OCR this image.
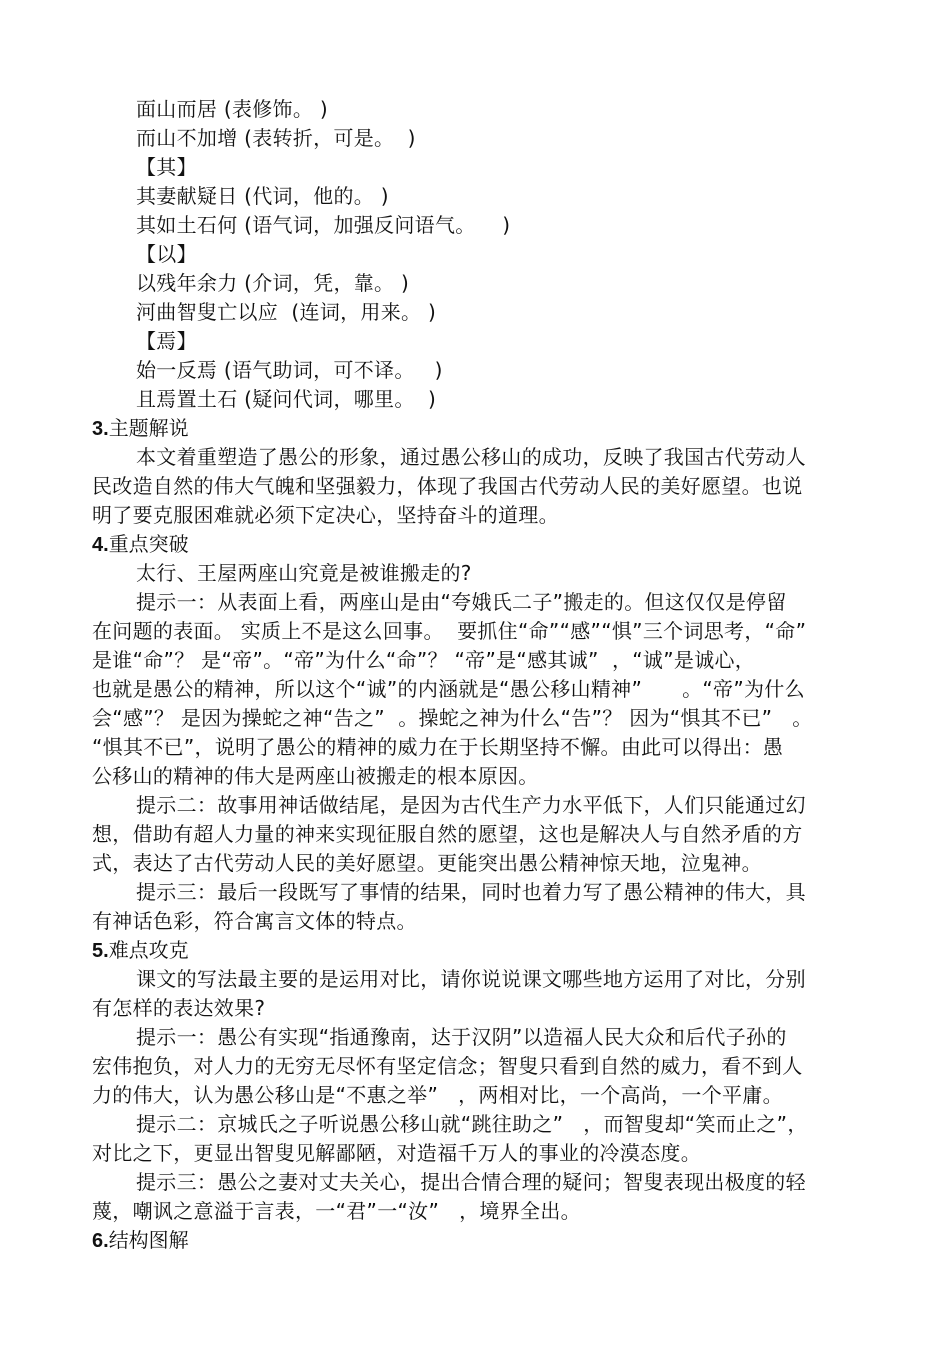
面山而居 (表修饰。 )
而山不加增 (表转折，可是。  )
【其】
其妻献疑日 (代词，他的。 )
其如土石何 (语气词，加强反问语气。    )
【以】
以残年余力 (介词，凭，靠。 )
河曲智叟亡以应  (连词，用来。 )
【焉】
始一反焉 (语气助词，可不译。   )
且焉置土石 (疑问代词，哪里。  )
3.主题解说
本文着重塑造了愚公的形象，通过愚公移山的成功，反映了我国古代劳动人
民改造自然的伟大气魄和坚强毅力，体现了我国古代劳动人民的美好愿望。也说
明了要克服困难就必须下定决心，坚持奋斗的道理。
4.重点突破
太行、王屋两座山究竟是被谁搬走的?
提示一：从表面上看，两座山是由“夸娥氏二子”搬走的。但这仅仅是停留
在问题的表面。 实质上不是这么回事。  要抓住“命”“感”“惧”三个词思考，“命”
是谁“命”？ 是“帝”。“帝”为什么“命”？ “帝”是“感其诚”  ，“诚”是诚心，
也就是愚公的精神，所以这个“诚”的内涵就是“愚公移山精神”      。“帝”为什么
会“感”？ 是因为操蛇之神“告之”  。操蛇之神为什么“告”？ 因为“惧其不已”   。
“惧其不已”，说明了愚公的精神的威力在于长期坚持不懈。由此可以得出：愚
公移山的精神的伟大是两座山被搬走的根本原因。
提示二：故事用神话做结尾，是因为古代生产力水平低下，人们只能通过幻
想，借助有超人力量的神来实现征服自然的愿望，这也是解决人与自然矛盾的方
式，表达了古代劳动人民的美好愿望。更能突出愚公精神惊天地，泣鬼神。
提示三：最后一段既写了事情的结果，同时也着力写了愚公精神的伟大，具
有神话色彩，符合寓言文体的特点。
5.难点攻克
课文的写法最主要的是运用对比，请你说说课文哪些地方运用了对比，分别
有怎样的表达效果?
提示一：愚公有实现“指通豫南，达于汉阴”以造福人民大众和后代子孙的
宏伟抱负，对人力的无穷无尽怀有坚定信念；智叟只看到自然的威力，看不到人
力的伟大，认为愚公移山是“不惠之举”   ，两相对比，一个高尚，一个平庸。
提示二：京城氏之子听说愚公移山就“跳往助之”   ，而智叟却“笑而止之”，
对比之下，更显出智叟见解鄙陋，对造福千万人的事业的冷漠态度。
提示三：愚公之妻对丈夫关心，提出合情合理的疑问；智叟表现出极度的轻
蔑，嘲讽之意溢于言表，一“君”一“汝”   ，境界全出。
6.结构图解
